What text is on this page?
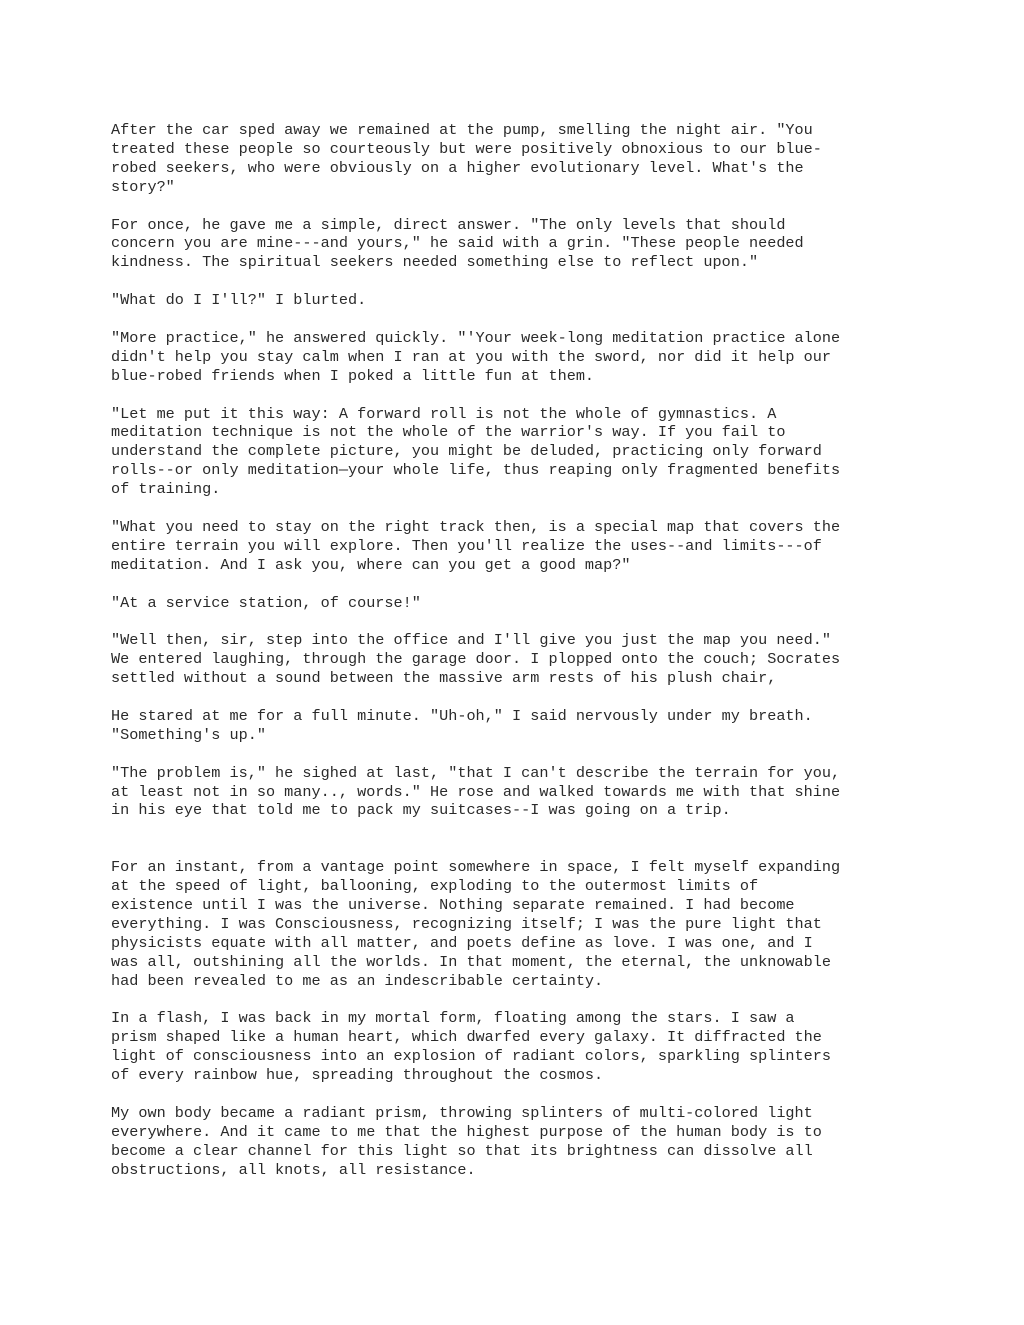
After the car sped away we remained at the pump, smelling the night air. "You
treated these people so courteously but were positively obnoxious to our blue-
robed seekers, who were obviously on a higher evolutionary level. What's the
story?"

For once, he gave me a simple, direct answer. "The only levels that should
concern you are mine---and yours," he said with a grin. "These people needed
kindness. The spiritual seekers needed something else to reflect upon."

"What do I I'll?" I blurted.

"More practice," he answered quickly. "'Your week-long meditation practice alone
didn't help you stay calm when I ran at you with the sword, nor did it help our
blue-robed friends when I poked a little fun at them.

"Let me put it this way: A forward roll is not the whole of gymnastics. A
meditation technique is not the whole of the warrior's way. If you fail to
understand the complete picture, you might be deluded, practicing only forward
rolls--or only meditation—your whole life, thus reaping only fragmented benefits
of training.

"What you need to stay on the right track then, is a special map that covers the
entire terrain you will explore. Then you'll realize the uses--and limits---of
meditation. And I ask you, where can you get a good map?"

"At a service station, of course!"

"Well then, sir, step into the office and I'll give you just the map you need."
We entered laughing, through the garage door. I plopped onto the couch; Socrates
settled without a sound between the massive arm rests of his plush chair,

He stared at me for a full minute. "Uh-oh," I said nervously under my breath.
"Something's up."

"The problem is," he sighed at last, "that I can't describe the terrain for you,
at least not in so many.., words." He rose and walked towards me with that shine
in his eye that told me to pack my suitcases--I was going on a trip.

For an instant, from a vantage point somewhere in space, I felt myself expanding
at the speed of light, ballooning, exploding to the outermost limits of
existence until I was the universe. Nothing separate remained. I had become
everything. I was Consciousness, recognizing itself; I was the pure light that
physicists equate with all matter, and poets define as love. I was one, and I
was all, outshining all the worlds. In that moment, the eternal, the unknowable
had been revealed to me as an indescribable certainty.

In a flash, I was back in my mortal form, floating among the stars. I saw a
prism shaped like a human heart, which dwarfed every galaxy. It diffracted the
light of consciousness into an explosion of radiant colors, sparkling splinters
of every rainbow hue, spreading throughout the cosmos.

My own body became a radiant prism, throwing splinters of multi-colored light
everywhere. And it came to me that the highest purpose of the human body is to
become a clear channel for this light so that its brightness can dissolve all
obstructions, all knots, all resistance.
